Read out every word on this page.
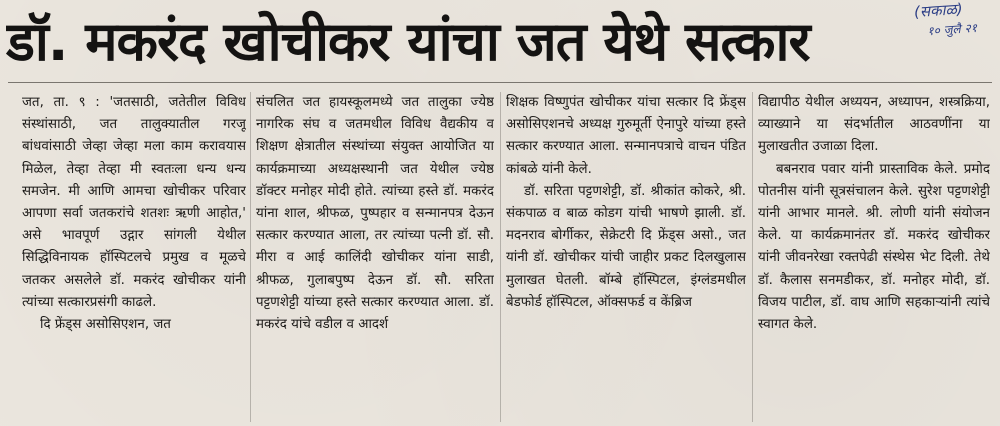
डॉ. मकरंद खोचीकर यांचा जत येथे सत्कार	(सकाळ)
१० जुलै २१

जत, ता. ९ : 'जतसाठी, जतेतील विविध संस्थांसाठी, जत तालुक्यातील गरजू बांधवांसाठी जेव्हा जेव्हा मला काम करावयास मिळेल, तेव्हा तेव्हा मी स्वतःला धन्य धन्य समजेन. मी आणि आमचा खोचीकर परिवार आपणा सर्वा जतकरांचे शतशः ऋणी आहोत,' असे भावपूर्ण उद्गार सांगली येथील सिद्धिविनायक हॉस्पिटलचे प्रमुख व मूळचे जतकर असलेले डॉ. मकरंद खोचीकर यांनी त्यांच्या सत्कारप्रसंगी काढले.

दि फ्रेंड्स असोसिएशन, जत

संचलित जत हायस्कूलमध्ये जत तालुका ज्येष्ठ नागरिक संघ व जतमधील विविध वैद्यकीय व शिक्षण क्षेत्रातील संस्थांच्या संयुक्त आयोजित या कार्यक्रमाच्या अध्यक्षस्थानी जत येथील ज्येष्ठ डॉक्टर मनोहर मोदी होते. त्यांच्या हस्ते डॉ. मकरंद यांना शाल, श्रीफळ, पुष्पहार व सन्मानपत्र देऊन सत्कार करण्यात आला, तर त्यांच्या पत्नी डॉ. सौ. मीरा व आई कालिंदी खोचीकर यांना साडी, श्रीफळ, गुलाबपुष्प देऊन डॉ. सौ. सरिता पट्टणशेट्टी यांच्या हस्ते सत्कार करण्यात आला. डॉ. मकरंद यांचे वडील व आदर्श

शिक्षक विष्णुपंत खोचीकर यांचा सत्कार दि फ्रेंड्स असोसिएशनचे अध्यक्ष गुरुमूर्ती ऐनापुरे यांच्या हस्ते सत्कार करण्यात आला. सन्मानपत्राचे वाचन पंडित कांबळे यांनी केले.

डॉ. सरिता पट्टणशेट्टी, डॉ. श्रीकांत कोकरे, श्री. संकपाळ व बाळ कोडग यांची भाषणे झाली. डॉ. मदनराव बोर्गीकर, सेक्रेटरी दि फ्रेंड्स असो., जत यांनी डॉ. खोचीकर यांची जाहीर प्रकट दिलखुलास मुलाखत घेतली. बॉम्बे हॉस्पिटल, इंग्लंडमधील बेडफोर्ड हॉस्पिटल, ऑक्सफर्ड व केंब्रिज

विद्यापीठ येथील अध्ययन, अध्यापन, शस्त्रक्रिया, व्याख्याने या संदर्भातील आठवणींना या मुलाखतीत उजाळा दिला.

बबनराव पवार यांनी प्रास्ताविक केले. प्रमोद पोतनीस यांनी सूत्रसंचालन केले. सुरेश पट्टणशेट्टी यांनी आभार मानले. श्री. लोणी यांनी संयोजन केले. या कार्यक्रमानंतर डॉ. मकरंद खोचीकर यांनी जीवनरेखा रक्तपेढी संस्थेस भेट दिली. तेथे डॉ. कैलास सनमडीकर, डॉ. मनोहर मोदी, डॉ. विजय पाटील, डॉ. वाघ आणि सहकाऱ्यांनी त्यांचे स्वागत केले.
